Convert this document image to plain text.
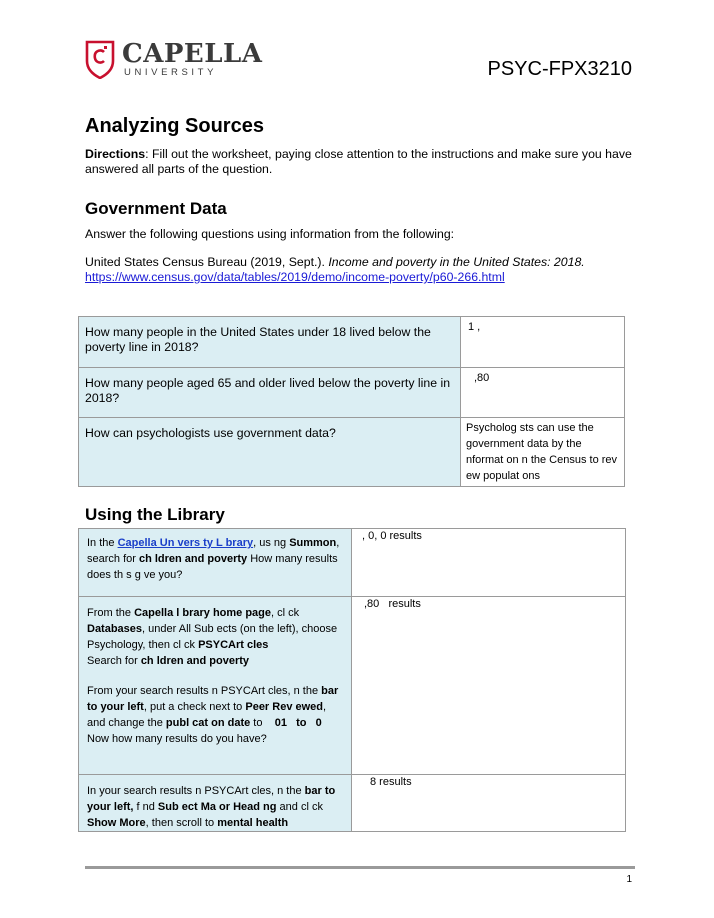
CAPELLA
UNIVERSITY	PSYC-FPX3210
Analyzing Sources
Directions: Fill out the worksheet, paying close attention to the instructions and make sure you have answered all parts of the question.
Government Data
Answer the following questions using information from the following:
United States Census Bureau (2019, Sept.). Income and poverty in the United States: 2018.
https://www.census.gov/data/tables/2019/demo/income-poverty/p60-266.html
How many people in the United States under 18 lived below the poverty line in 2018?	1 ,

How many people aged 65 and older lived below the poverty line in 2018?	,80

How can psychologists use government data?	Psycholog sts can use the government data by the nformat on n the Census to rev ew populat ons
Using the Library
In the Capella Un vers ty L brary, us ng Summon, search for ch ldren and poverty How many results does th s g ve you?	, 0, 0 results

From the Capella l brary home page, cl ck Databases, under All Sub ects (on the left), choose Psychology, then cl ck PSYCArt cles
Search for ch ldren and poverty
From your search results n PSYCArt cles, n the bar to your left, put a check next to Peer Rev ewed, and change the publ cat on date to    01   to   0       Now how many results do you have?	,80   results

In your search results n PSYCArt cles, n the bar to your left, f nd Sub ect Ma or Head ng and cl ck Show More, then scroll to mental health	8 results
1
